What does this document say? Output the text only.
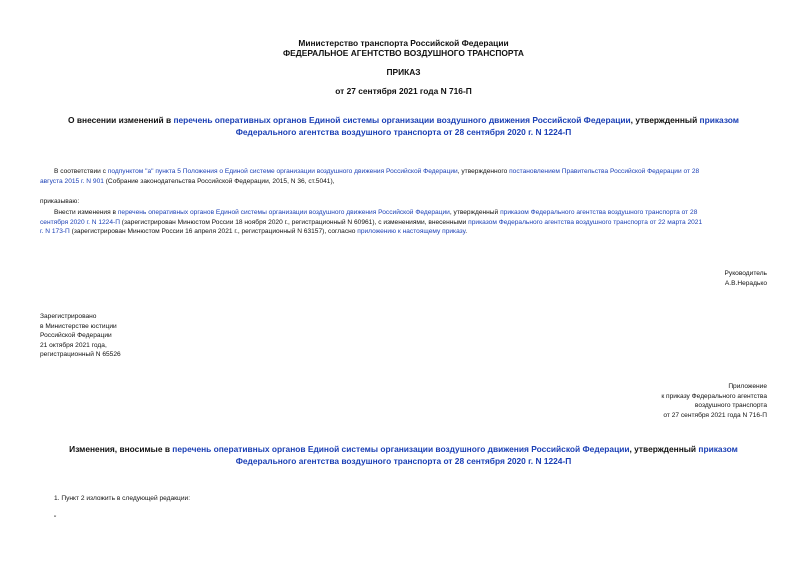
Министерство транспорта Российской Федерации
ФЕДЕРАЛЬНОЕ АГЕНТСТВО ВОЗДУШНОГО ТРАНСПОРТА
ПРИКАЗ
от 27 сентября 2021 года N 716-П
О внесении изменений в перечень оперативных органов Единой системы организации воздушного движения Российской Федерации, утвержденный приказом
Федерального агентства воздушного транспорта от 28 сентября 2020 г. N 1224-П
В соответствии с подпунктом "а" пункта 5 Положения о Единой системе организации воздушного движения Российской Федерации, утвержденного постановлением Правительства Российской Федерации от 28
августа 2015 г. N 901 (Собрание законодательства Российской Федерации, 2015, N 36, ст.5041),
приказываю:
Внести изменения в перечень оперативных органов Единой системы организации воздушного движения Российской Федерации, утвержденный приказом Федерального агентства воздушного транспорта от 28
сентября 2020 г. N 1224-П (зарегистрирован Минюстом России 18 ноября 2020 г., регистрационный N 60961), с изменениями, внесенными приказом Федерального агентства воздушного транспорта от 22 марта 2021
г. N 173-П (зарегистрирован Минюстом России 16 апреля 2021 г., регистрационный N 63157), согласно приложению к настоящему приказу.
Руководитель
А.В.Нерадько
Зарегистрировано
в Министерстве юстиции
Российской Федерации
21 октября 2021 года,
регистрационный N 65526
Приложение
к приказу Федерального агентства
воздушного транспорта
от 27 сентября 2021 года N 716-П
Изменения, вносимые в перечень оперативных органов Единой системы организации воздушного движения Российской Федерации, утвержденный приказом
Федерального агентства воздушного транспорта от 28 сентября 2020 г. N 1224-П
1. Пункт 2 изложить в следующей редакции:
"
